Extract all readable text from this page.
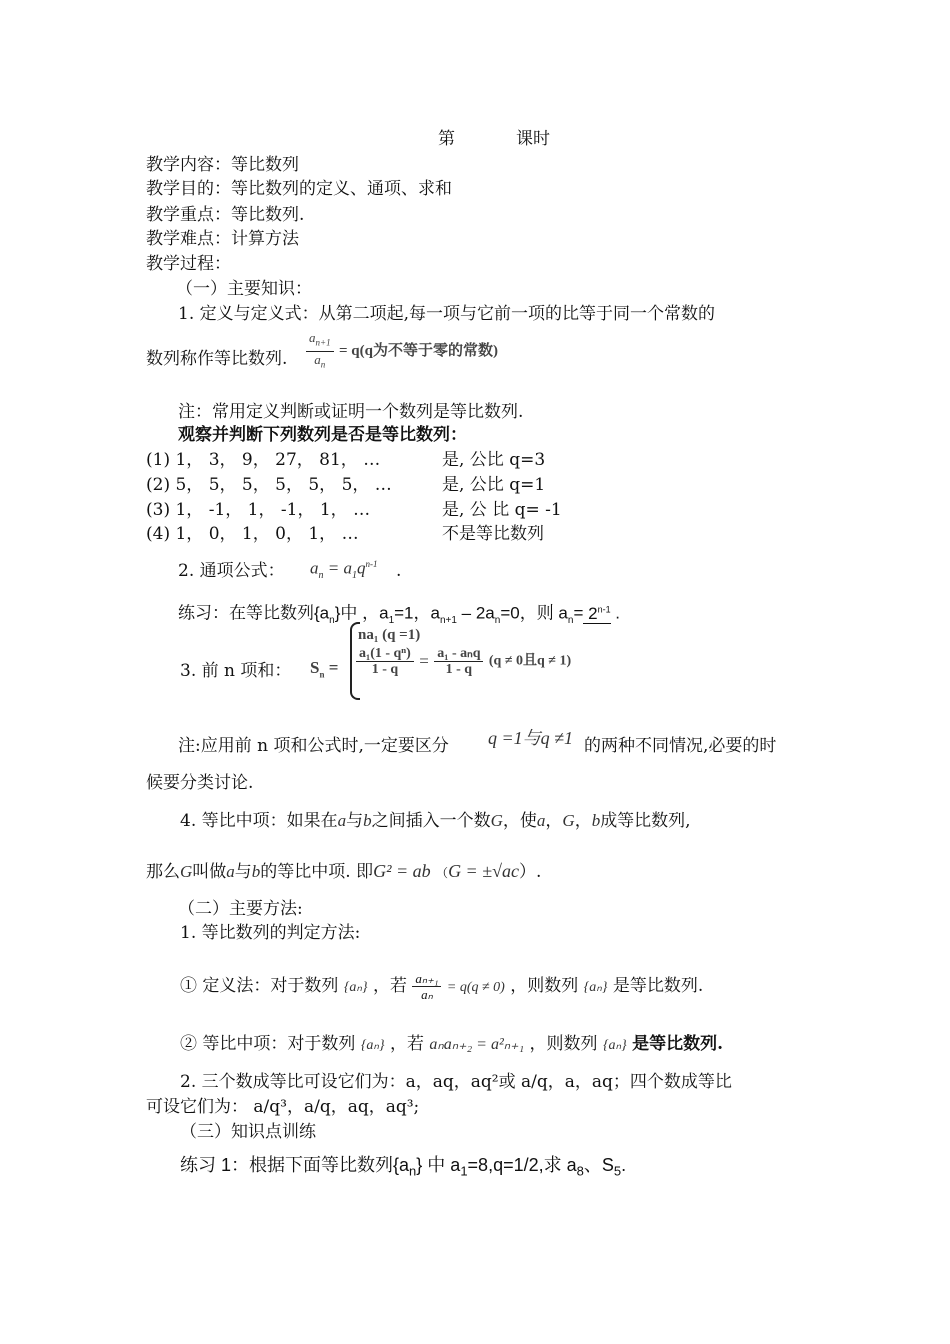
第	课时
教学内容：等比数列
教学目的：等比数列的定义、通项、求和
教学重点：等比数列.
教学难点：计算方法
教学过程：
（一）主要知识：
1. 定义与定义式：从第二项起,每一项与它前一项的比等于同一个常数的
数列称作等比数列. $\frac{a_{n+1}}{a_n} = q(q$为不等于零的常数)
注：常用定义判断或证明一个数列是等比数列.
观察并判断下列数列是否是等比数列：
(1) 1， 3， 9， 27， 81， …	是, 公比 q=3
(2) 5， 5， 5， 5， 5， 5， …	是, 公比 q=1
(3) 1， -1， 1， -1， 1， …	是, 公 比 q= -1
(4) 1， 0， 1， 0， 1， …	不是等比数列
2. 通项公式： $a_n = a_1q^{n-1}$ .
练习：在等比数列$\{a_n\}$中 ，$a_1=1$，$a_{n+1} - 2a_n=0$，则 $a_n= 2^{n-1}$ .
3. 前 n 项和： $S_n$ =
na₁ (q =1)
$\frac{\text{a₁(1 - qⁿ)}}{1 - q} = \frac{\text{a₁ - aₙq}}{1 - q} (q \ne 0$且q ≠ 1)
注:应用前 n 项和公式时,一定要区分 q =1与q ≠1 的两种不同情况,必要的时
候要分类讨论.
4. 等比中项：如果在a与b之间插入一个数G，使a，G，b成等比数列,
那么G叫做a与b的等比中项. 即G² = ab （G = ±√ac）.
（二）主要方法:
1. 等比数列的判定方法:
① 定义法：对于数列 {aₙ} ，若 $\frac{\text{aₙ₊₁}}{\text{aₙ}} = q(q \ne 0)$ ，则数列 {aₙ} 是等比数列.
② 等比中项：对于数列 {aₙ} ，若 aₙaₙ₊₂ = a²ₙ₊₁ ，则数列 {aₙ} 是等比数列.
2. 三个数成等比可设它们为：a，aq，aq²或 a/q，a，aq；四个数成等比
可设它们为： a/q³，a/q，aq，aq³;
（三）知识点训练
练习 1：根据下面等比数列$\{a_n\}$ 中 $a_1=8,q=1/2$,求 $a_8$、$S_5$.
